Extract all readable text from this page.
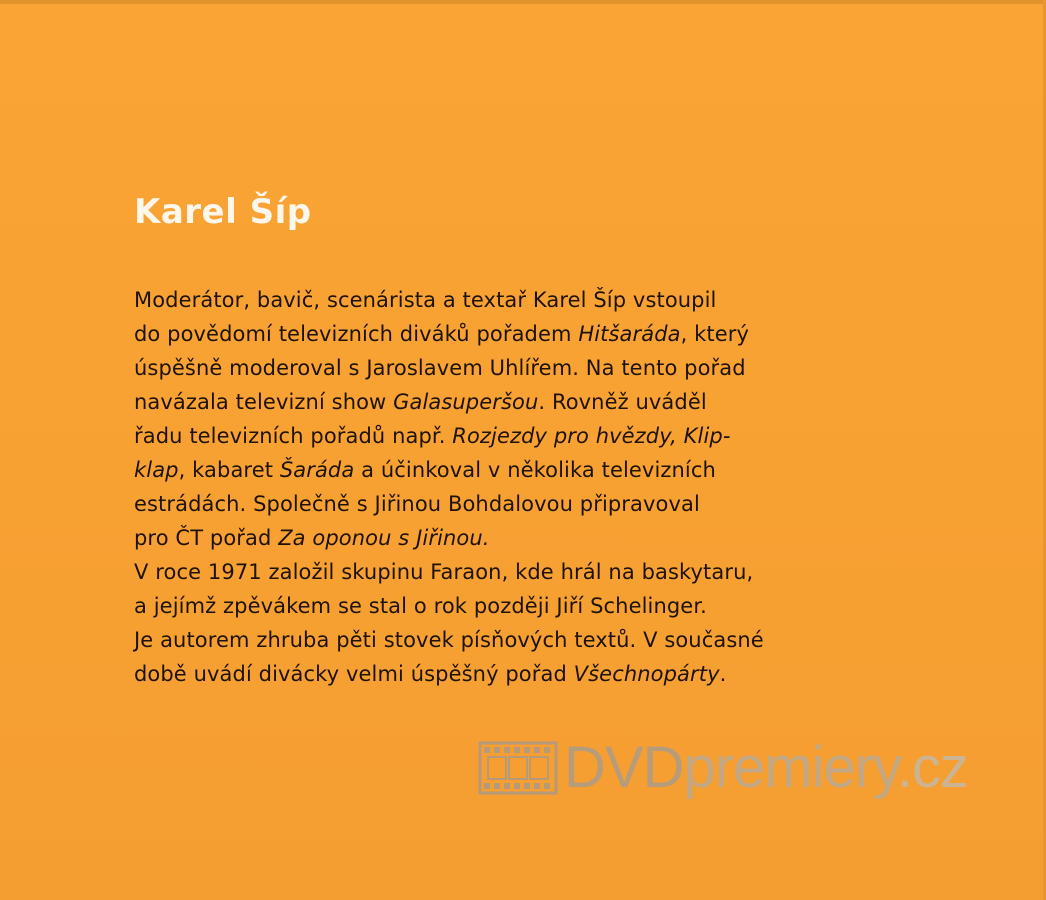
Karel Šíp

Moderátor, bavič, scenárista a textař Karel Šíp vstoupil
do povědomí televizních diváků pořadem Hitšaráda, který
úspěšně moderoval s Jaroslavem Uhlířem. Na tento pořad
navázala televizní show Galasuperšou. Rovněž uváděl
řadu televizních pořadů např. Rozjezdy pro hvězdy, Klip-
klap, kabaret Šaráda a účinkoval v několika televizních
estrádách. Společně s Jiřinou Bohdalovou připravoval
pro ČT pořad Za oponou s Jiřinou.
V roce 1971 založil skupinu Faraon, kde hrál na baskytaru,
a jejímž zpěvákem se stal o rok později Jiří Schelinger.
Je autorem zhruba pěti stovek písňových textů. V současné
době uvádí divácky velmi úspěšný pořad Všechnopárty.

DVDpremiery.cz
